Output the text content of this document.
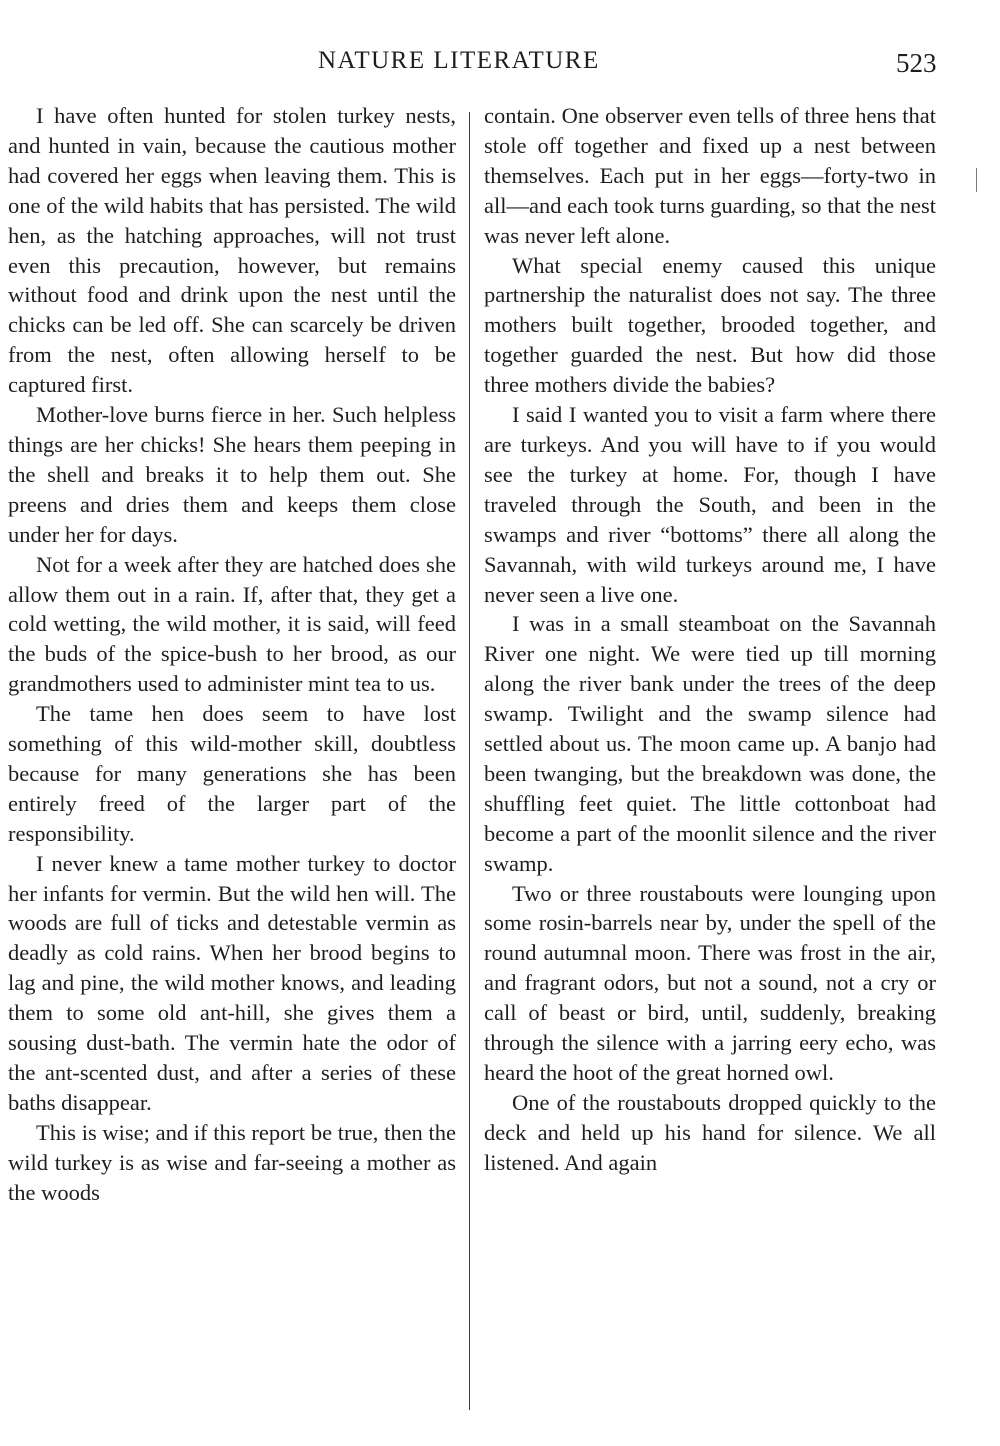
NATURE LITERATURE	523

I have often hunted for stolen turkey nests, and hunted in vain, because the cautious mother had covered her eggs when leaving them. This is one of the wild habits that has persisted. The wild hen, as the hatching approaches, will not trust even this precaution, however, but remains without food and drink upon the nest until the chicks can be led off. She can scarcely be driven from the nest, often allowing herself to be captured first.

Mother-love burns fierce in her. Such helpless things are her chicks! She hears them peeping in the shell and breaks it to help them out. She preens and dries them and keeps them close under her for days.

Not for a week after they are hatched does she allow them out in a rain. If, after that, they get a cold wetting, the wild mother, it is said, will feed the buds of the spice-bush to her brood, as our grandmothers used to administer mint tea to us.

The tame hen does seem to have lost something of this wild-mother skill, doubtless because for many generations she has been entirely freed of the larger part of the responsibility.

I never knew a tame mother turkey to doctor her infants for vermin. But the wild hen will. The woods are full of ticks and detestable vermin as deadly as cold rains. When her brood begins to lag and pine, the wild mother knows, and leading them to some old ant-hill, she gives them a sousing dust-bath. The vermin hate the odor of the ant-scented dust, and after a series of these baths disappear.

This is wise; and if this report be true, then the wild turkey is as wise and far-seeing a mother as the woods

contain. One observer even tells of three hens that stole off together and fixed up a nest between themselves. Each put in her eggs—forty-two in all—and each took turns guarding, so that the nest was never left alone.

What special enemy caused this unique partnership the naturalist does not say. The three mothers built together, brooded together, and together guarded the nest. But how did those three mothers divide the babies?

I said I wanted you to visit a farm where there are turkeys. And you will have to if you would see the turkey at home. For, though I have traveled through the South, and been in the swamps and river “bottoms” there all along the Savannah, with wild turkeys around me, I have never seen a live one.

I was in a small steamboat on the Savannah River one night. We were tied up till morning along the river bank under the trees of the deep swamp. Twilight and the swamp silence had settled about us. The moon came up. A banjo had been twanging, but the breakdown was done, the shuffling feet quiet. The little cottonboat had become a part of the moonlit silence and the river swamp.

Two or three roustabouts were lounging upon some rosin-barrels near by, under the spell of the round autumnal moon. There was frost in the air, and fragrant odors, but not a sound, not a cry or call of beast or bird, until, suddenly, breaking through the silence with a jarring eery echo, was heard the hoot of the great horned owl.

One of the roustabouts dropped quickly to the deck and held up his hand for silence. We all listened. And again
